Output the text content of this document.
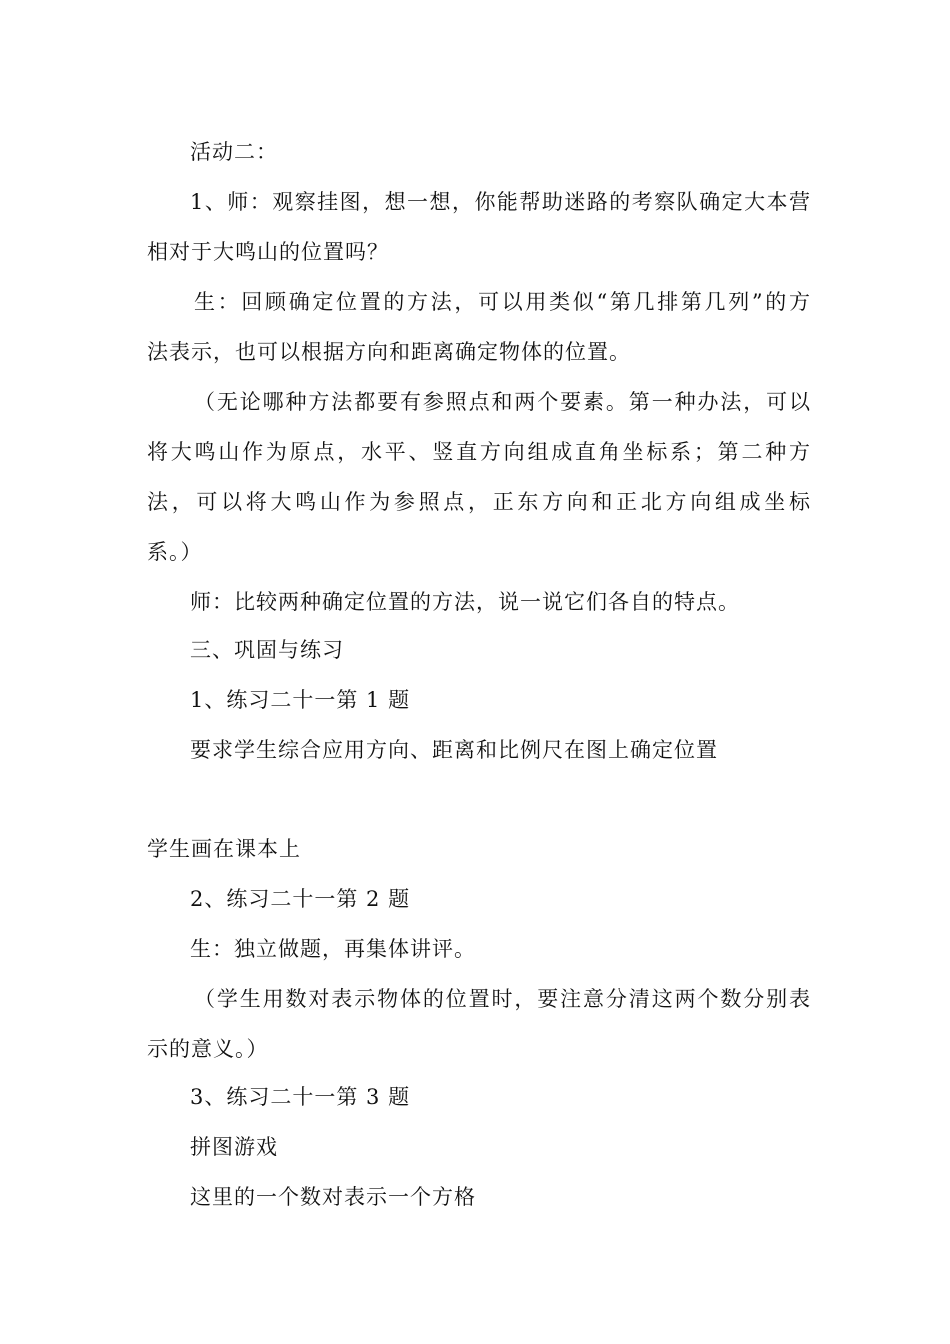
活动二：
1、师：观察挂图，想一想，你能帮助迷路的考察队确定大本营
相对于大鸣山的位置吗？
生：回顾确定位置的方法，可以用类似“第几排第几列”的方
法表示，也可以根据方向和距离确定物体的位置。
（无论哪种方法都要有参照点和两个要素。第一种办法，可以
将大鸣山作为原点，水平、竖直方向组成直角坐标系；第二种方
法，可以将大鸣山作为参照点，正东方向和正北方向组成坐标
系。）
师：比较两种确定位置的方法，说一说它们各自的特点。
三、巩固与练习
1、练习二十一第 1 题
要求学生综合应用方向、距离和比例尺在图上确定位置
学生画在课本上
2、练习二十一第 2 题
生：独立做题，再集体讲评。
（学生用数对表示物体的位置时，要注意分清这两个数分别表
示的意义。）
3、练习二十一第 3 题
拼图游戏
这里的一个数对表示一个方格
